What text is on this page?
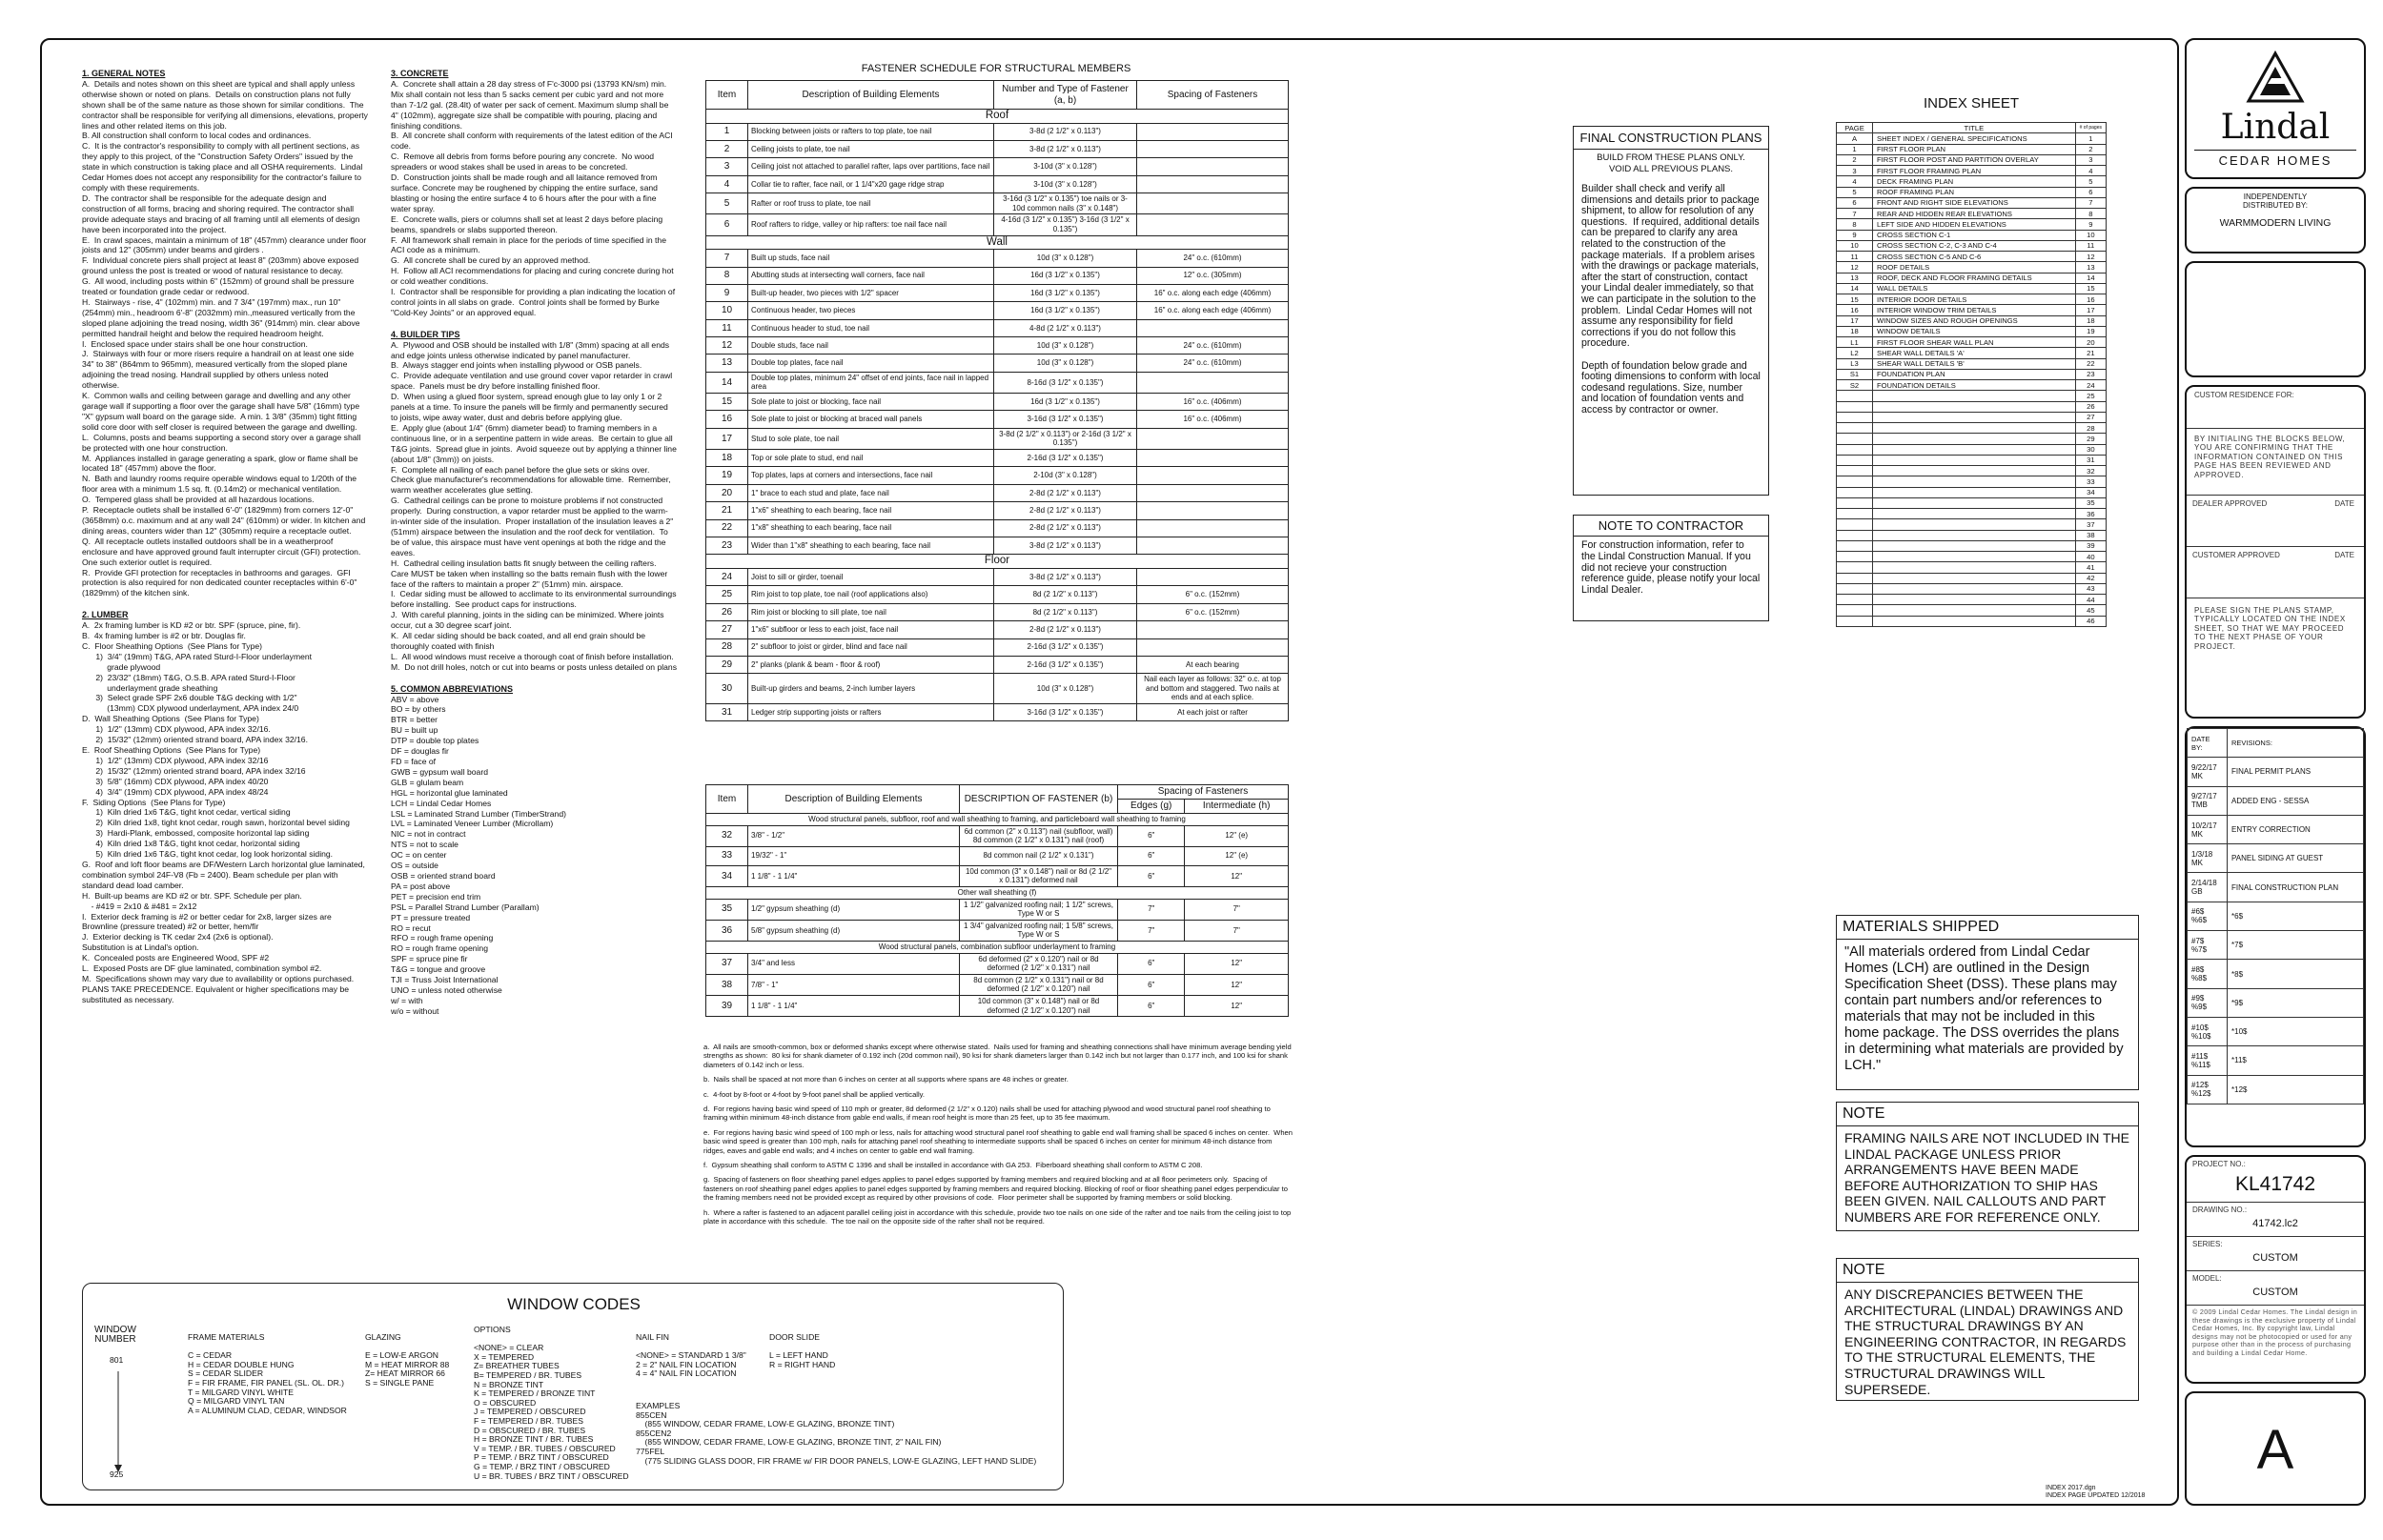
1. GENERAL NOTES

A.  Details and notes shown on this sheet are typical and shall apply unless otherwise shown or noted on plans.  Details on construction plans not fully shown shall be of the same nature as those shown for similar conditions.  The contractor shall be responsible for verifying all dimensions, elevations, property lines and other related items on this job.
B. All construction shall conform to local codes and ordinances.
C.  It is the contractor's responsibility to comply with all pertinent sections, as they apply to this project, of the "Construction Safety Orders" issued by the state in which construction is taking place and all OSHA requirements.  Lindal Cedar Homes does not accept any responsibility for the contractor's failure to comply with these requirements.
D.  The contractor shall be responsible for the adequate design and construction of all forms, bracing and shoring required. The contractor shall provide adequate stays and bracing of all framing until all elements of design have been incorporated into the project.
E.  In crawl spaces, maintain a minimum of 18" (457mm) clearance under floor joists and 12" (305mm) under beams and girders .
F.  Individual concrete piers shall project at least 8" (203mm) above exposed ground unless the post is treated or wood of natural resistance to decay.
G.  All wood, including posts within 6" (152mm) of ground shall be pressure treated or foundation grade cedar or redwood.
H.  Stairways - rise, 4" (102mm) min. and 7 3/4" (197mm) max., run 10" (254mm) min., headroom 6'-8" (2032mm) min.,measured vertically from the sloped plane adjoining the tread nosing, width 36" (914mm) min. clear above permitted handrail height and below the required headroom height.
I.  Enclosed space under stairs shall be one hour construction.
J.  Stairways with four or more risers require a handrail on at least one side 34" to 38" (864mm to 965mm), measured vertically from the sloped plane adjoining the tread nosing. Handrail supplied by others unless noted otherwise.
K.  Common walls and ceiling between garage and dwelling and any other garage wall if supporting a floor over the garage shall have 5/8" (16mm) type "X" gypsum wall board on the garage side.  A min. 1 3/8" (35mm) tight fitting solid core door with self closer is required between the garage and dwelling.
L.  Columns, posts and beams supporting a second story over a garage shall be protected with one hour construction.
M.  Appliances installed in garage generating a spark, glow or flame shall be located 18" (457mm) above the floor.
N.  Bath and laundry rooms require operable windows equal to 1/20th of the floor area with a minimum 1.5 sq. ft. (0.14m2) or mechanical ventilation.
O.  Tempered glass shall be provided at all hazardous locations.
P.  Receptacle outlets shall be installed 6'-0" (1829mm) from corners 12'-0" (3658mm) o.c. maximum and at any wall 24" (610mm) or wider. In kitchen and dining areas, counters wider than 12" (305mm) require a receptacle outlet.
Q.  All receptacle outlets installed outdoors shall be in a weatherproof enclosure and have approved ground fault interrupter circuit (GFI) protection. One such exterior outlet is required.
R.  Provide GFI protection for receptacles in bathrooms and garages.  GFI protection is also required for non dedicated counter receptacles within 6'-0" (1829mm) of the kitchen sink.

2. LUMBER

A.  2x framing lumber is KD #2 or btr. SPF (spruce, pine, fir).
B.  4x framing lumber is #2 or btr. Douglas fir.
C.  Floor Sheathing Options  (See Plans for Type)
1)  3/4" (19mm) T&G, APA rated Sturd-I-Floor underlayment
grade plywood
2)  23/32" (18mm) T&G, O.S.B. APA rated Sturd-I-Floor
underlayment grade sheathing
3)  Select grade SPF 2x6 double T&G decking with 1/2"
(13mm) CDX plywood underlayment, APA index 24/0
D.  Wall Sheathing Options  (See Plans for Type)
1)  1/2" (13mm) CDX plywood, APA index 32/16.
2)  15/32" (12mm) oriented strand board, APA index 32/16.
E.  Roof Sheathing Options  (See Plans for Type)
1)  1/2" (13mm) CDX plywood, APA index 32/16
2)  15/32" (12mm) oriented strand board, APA index 32/16
3)  5/8" (16mm) CDX plywood, APA index 40/20
4)  3/4" (19mm) CDX plywood, APA index 48/24
F.  Siding Options  (See Plans for Type)
1)  Kiln dried 1x6 T&G, tight knot cedar, vertical siding
2)  Kiln dried 1x8, tight knot cedar, rough sawn, horizontal bevel siding
3)  Hardi-Plank, embossed, composite horizontal lap siding
4)  Kiln dried 1x8 T&G, tight knot cedar, horizontal siding
5)  Kiln dried 1x6 T&G, tight knot cedar, log look horizontal siding.
G.  Roof and loft floor beams are DF/Western Larch horizontal glue laminated, combination symbol 24F-V8 (Fb = 2400). Beam schedule per plan with standard dead load camber.
H.  Built-up beams are KD #2 or btr. SPF. Schedule per plan.
- #419 = 2x10 & #481 = 2x12
I.  Exterior deck framing is #2 or better cedar for 2x8, larger sizes are Brownline (pressure treated) #2 or better, hem/fir
J.  Exterior decking is TK cedar 2x4 (2x6 is optional).
Substitution is at Lindal's option.
K.  Concealed posts are Engineered Wood, SPF #2
L.  Exposed Posts are DF glue laminated, combination symbol #2.
M.  Specifications shown may vary due to availability or options purchased. PLANS TAKE PRECEDENCE. Equivalent or higher specifications may be substituted as necessary.

3. CONCRETE

A.  Concrete shall attain a 28 day stress of F'c-3000 psi (13793 KN/sm) min. Mix shall contain not less than 5 sacks cement per cubic yard and not more than 7-1/2 gal. (28.4lt) of water per sack of cement. Maximum slump shall be 4" (102mm), aggregate size shall be compatible with pouring, placing and finishing conditions.
B.  All concrete shall conform with requirements of the latest edition of the ACI code.
C.  Remove all debris from forms before pouring any concrete.  No wood spreaders or wood stakes shall be used in areas to be concreted.
D.  Construction joints shall be made rough and all laitance removed from surface. Concrete may be roughened by chipping the entire surface, sand blasting or hosing the entire surface 4 to 6 hours after the pour with a fine water spray.
E.  Concrete walls, piers or columns shall set at least 2 days before placing beams, spandrels or slabs supported thereon.
F.  All framework shall remain in place for the periods of time specified in the ACI code as a minimum.
G.  All concrete shall be cured by an approved method.
H.  Follow all ACI recommendations for placing and curing concrete during hot or cold weather conditions.
I.  Contractor shall be responsible for providing a plan indicating the location of control joints in all slabs on grade.  Control joints shall be formed by Burke "Cold-Key Joints" or an approved equal.

4. BUILDER TIPS

A.  Plywood and OSB should be installed with 1/8" (3mm) spacing at all ends and edge joints unless otherwise indicated by panel manufacturer.
B.  Always stagger end joints when installing plywood or OSB panels.
C.  Provide adequate ventilation and use ground cover vapor retarder in crawl space.  Panels must be dry before installing finished floor.
D.  When using a glued floor system, spread enough glue to lay only 1 or 2 panels at a time. To insure the panels will be firmly and permanently secured to joists, wipe away water, dust and debris before applying glue.
E.  Apply glue (about 1/4" (6mm) diameter bead) to framing members in a continuous line, or in a serpentine pattern in wide areas.  Be certain to glue all T&G joints.  Spread glue in joints.  Avoid squeeze out by applying a thinner line (about 1/8" (3mm)) on joists.
F.  Complete all nailing of each panel before the glue sets or skins over.  Check glue manufacturer's recommendations for allowable time.  Remember, warm weather accelerates glue setting.
G.  Cathedral ceilings can be prone to moisture problems if not constructed properly.  During construction, a vapor retarder must be applied to the warm-in-winter side of the insulation.  Proper installation of the insulation leaves a 2" (51mm) airspace between the insulation and the roof deck for ventilation.  To be of value, this airspace must have vent openings at both the ridge and the eaves.
H.  Cathedral ceiling insulation batts fit snugly between the ceiling rafters.  Care MUST be taken when installing so the batts remain flush with the lower face of the rafters to maintain a proper 2" (51mm) min. airspace.
I.  Cedar siding must be allowed to acclimate to its environmental surroundings before installing.  See product caps for instructions.
J.  With careful planning, joints in the siding can be minimized. Where joints occur, cut a 30 degree scarf joint.
K.  All cedar siding should be back coated, and all end grain should be thoroughly coated with finish
L.  All wood windows must receive a thorough coat of finish before installation.
M.  Do not drill holes, notch or cut into beams or posts unless detailed on plans

5. COMMON ABBREVIATIONS

ABV = above
BO = by others
BTR = better
BU = built up
DTP = double top plates
DF = douglas fir
FD = face of
GWB = gypsum wall board
GLB = glulam beam
HGL = horizontal glue laminated
LCH = Lindal Cedar Homes
LSL = Laminated Strand Lumber (TimberStrand)
LVL = Laminated Veneer Lumber (Microllam)
NIC = not in contract
NTS = not to scale
OC = on center
OS = outside
OSB = oriented strand board
PA = post above
PET = precision end trim
PSL = Parallel Strand Lumber (Parallam)
PT = pressure treated
RO = recut
RFO = rough frame opening
RO = rough frame opening
SPF = spruce pine fir
T&G = tongue and groove
TJI = Truss Joist International
UNO = unless noted otherwise
w/ = with
w/o = without

FASTENER SCHEDULE FOR STRUCTURAL MEMBERS
Item	Description of Building Elements	Number and Type of Fastener (a, b)	Spacing of Fasteners
Roof			
1	Blocking between joists or rafters to top plate, toe nail	3-8d (2 1/2" x 0.113")	
2	Ceiling joists to plate, toe nail	3-8d (2 1/2" x 0.113")	
3	Ceiling joist not attached to parallel rafter, laps over partitions, face nail	3-10d (3" x 0.128")	
4	Collar tie to rafter, face nail, or 1 1/4"x20 gage ridge strap	3-10d (3" x 0.128")	
5	Rafter or roof truss to plate, toe nail	3-16d (3 1/2" x 0.135") toe nails or 3-10d common nails (3" x 0.148")	
6	Roof rafters to ridge, valley or hip rafters: toe nail face nail	4-16d (3 1/2" x 0.135") 3-16d (3 1/2" x 0.135")	
Wall			
7	Built up studs, face nail	10d (3" x 0.128")	24" o.c. (610mm)
8	Abutting studs at intersecting wall corners, face nail	16d (3 1/2" x 0.135")	12" o.c. (305mm)
9	Built-up header, two pieces with 1/2" spacer	16d (3 1/2" x 0.135")	16" o.c. along each edge (406mm)
10	Continuous header, two pieces	16d (3 1/2" x 0.135")	16" o.c. along each edge (406mm)
11	Continuous header to stud, toe nail	4-8d (2 1/2" x 0.113")	
12	Double studs, face nail	10d (3" x 0.128")	24" o.c. (610mm)
13	Double top plates, face nail	10d (3" x 0.128")	24" o.c. (610mm)
14	Double top plates, minimum 24" offset of end joints, face nail in lapped area	8-16d (3 1/2" x 0.135")	
15	Sole plate to joist or blocking, face nail	16d (3 1/2" x 0.135")	16" o.c. (406mm)
16	Sole plate to joist or blocking at braced wall panels	3-16d (3 1/2" x 0.135")	16" o.c. (406mm)
17	Stud to sole plate, toe nail	3-8d (2 1/2" x 0.113") or 2-16d (3 1/2" x 0.135")	
18	Top or sole plate to stud, end nail	2-16d (3 1/2" x 0.135")	
19	Top plates, laps at corners and intersections, face nail	2-10d (3" x 0.128")	
20	1" brace to each stud and plate, face nail	2-8d (2 1/2" x 0.113")	
21	1"x6" sheathing to each bearing, face nail	2-8d (2 1/2" x 0.113")	
22	1"x8" sheathing to each bearing, face nail	2-8d (2 1/2" x 0.113")	
23	Wider than 1"x8" sheathing to each bearing, face nail	3-8d (2 1/2" x 0.113")	
Floor			
24	Joist to sill or girder, toenail	3-8d (2 1/2" x 0.113")	
25	Rim joist to top plate, toe nail (roof applications also)	8d (2 1/2" x 0.113")	6" o.c. (152mm)
26	Rim joist or blocking to sill plate, toe nail	8d (2 1/2" x 0.113")	6" o.c. (152mm)
27	1"x6" subfloor or less to each joist, face nail	2-8d (2 1/2" x 0.113")	
28	2" subfloor to joist or girder, blind and face nail	2-16d (3 1/2" x 0.135")	
29	2" planks (plank & beam - floor & roof)	2-16d (3 1/2" x 0.135")	At each bearing
30	Built-up girders and beams, 2-inch lumber layers	10d (3" x 0.128")	Nail each layer as follows: 32" o.c. at top and bottom and staggered. Two nails at ends and at each splice.
31	Ledger strip supporting joists or rafters	3-16d (3 1/2" x 0.135")	At each joist or rafter
Item	Description of Building Elements	DESCRIPTION OF FASTENER (b)	Spacing of Fasteners	
			Edges (g)	Intermediate (h)
Wood structural panels, subfloor, roof and wall sheathing to framing, and particleboard wall sheathing to framing				
32	3/8" - 1/2"	6d common (2" x 0.113") nail (subfloor, wall) 8d common (2 1/2" x 0.131") nail (roof)	6"	12" (e)
33	19/32" - 1"	8d common nail (2 1/2" x 0.131")	6"	12" (e)
34	1 1/8" - 1 1/4"	10d common (3" x 0.148") nail or 8d (2 1/2" x 0.131") deformed nail	6"	12"
Other wall sheathing (f)				
35	1/2" gypsum sheathing (d)	1 1/2" galvanized roofing nail; 1 1/2" screws, Type W or S	7"	7"
36	5/8" gypsum sheathing (d)	1 3/4" galvanized roofing nail; 1 5/8" screws, Type W or S	7"	7"
Wood structural panels, combination subfloor underlayment to framing				
37	3/4" and less	6d deformed (2" x 0.120") nail or 8d deformed (2 1/2" x 0.131") nail	6"	12"
38	7/8" - 1"	8d common (2 1/2" x 0.131") nail or 8d deformed (2 1/2" x 0.120") nail	6"	12"
39	1 1/8" - 1 1/4"	10d common (3" x 0.148") nail or 8d deformed (2 1/2" x 0.120") nail	6"	12"

a.  All nails are smooth-common, box or deformed shanks except where otherwise stated.  Nails used for framing and sheathing connections shall have minimum average bending yield strengths as shown:  80 ksi for shank diameter of 0.192 inch (20d common nail), 90 ksi for shank diameters larger than 0.142 inch but not larger than 0.177 inch, and 100 ksi for shank diameters of 0.142 inch or less.

b.  Nails shall be spaced at not more than 6 inches on center at all supports where spans are 48 inches or greater.

c.  4-foot by 8-foot or 4-foot by 9-foot panel shall be applied vertically.

d.  For regions having basic wind speed of 110 mph or greater, 8d deformed (2 1/2" x 0.120) nails shall be used for attaching plywood and wood structural panel roof sheathing to framing within minimum 48-inch distance from gable end walls, if mean roof height is more than 25 feet, up to 35 fee maximum.

e.  For regions having basic wind speed of 100 mph or less, nails for attaching wood structural panel roof sheathing to gable end wall framing shall be spaced 6 inches on center.  When basic wind speed is greater than 100 mph, nails for attaching panel roof sheathing to intermediate supports shall be spaced 6 inches on center for minimum 48-inch distance from ridges, eaves and gable end walls; and 4 inches on center to gable end wall framing.

f.  Gypsum sheathing shall conform to ASTM C 1396 and shall be installed in accordance with GA 253.  Fiberboard sheathing shall conform to ASTM C 208.

g.  Spacing of fasteners on floor sheathing panel edges applies to panel edges supported by framing members and required blocking and at all floor perimeters only.  Spacing of fasteners on roof sheathing panel edges applies to panel edges supported by framing members and required blocking. Blocking of roof or floor sheathing panel edges perpendicular to the framing members need not be provided except as required by other provisions of code.  Floor perimeter shall be supported by framing members or solid blocking.

h.  Where a rafter is fastened to an adjacent parallel ceiling joist in accordance with this schedule, provide two toe nails on one side of the rafter and toe nails from the ceiling joist to top plate in accordance with this schedule.  The toe nail on the opposite side of the rafter shall not be required.

WINDOW CODES
WINDOW
NUMBER
801
925
FRAME MATERIALS

C = CEDAR
H = CEDAR DOUBLE HUNG
S = CEDAR SLIDER
F = FIR FRAME, FIR PANEL (SL. OL. DR.)
T = MILGARD VINYL WHITE
Q = MILGARD VINYL TAN
A = ALUMINUM CLAD, CEDAR, WINDSOR
GLAZING

E = LOW-E ARGON
M = HEAT MIRROR 88
Z= HEAT MIRROR 66
S = SINGLE PANE
OPTIONS

<NONE> = CLEAR
X = TEMPERED
Z= BREATHER TUBES
B= TEMPERED / BR. TUBES
N = BRONZE TINT
K = TEMPERED / BRONZE TINT
O = OBSCURED
J = TEMPERED / OBSCURED
F = TEMPERED / BR. TUBES
D = OBSCURED / BR. TUBES
H = BRONZE TINT / BR. TUBES
V = TEMP. / BR. TUBES / OBSCURED
P = TEMP. / BRZ TINT / OBSCURED
G = TEMP. / BRZ TINT / OBSCURED
U = BR. TUBES / BRZ TINT / OBSCURED
NAIL FIN

<NONE> = STANDARD 1 3/8"
2 = 2" NAIL FIN LOCATION
4 = 4" NAIL FIN LOCATION
DOOR SLIDE

L = LEFT HAND
R = RIGHT HAND
EXAMPLES
855CEN
(855 WINDOW, CEDAR FRAME, LOW-E GLAZING, BRONZE TINT)
855CEN2
(855 WINDOW, CEDAR FRAME, LOW-E GLAZING, BRONZE TINT, 2" NAIL FIN)
775FEL
(775 SLIDING GLASS DOOR, FIR FRAME w/ FIR DOOR PANELS, LOW-E GLAZING, LEFT HAND SLIDE)
FINAL CONSTRUCTION PLANS
BUILD FROM THESE PLANS ONLY.
VOID ALL PREVIOUS PLANS.
Builder shall check and verify all dimensions and details prior to package shipment, to allow for resolution of any questions.  If required, additional details can be prepared to clarify any area related to the construction of the package materials.  If a problem arises with the drawings or package materials, after the start of construction, contact your Lindal dealer immediately, so that we can participate in the solution to the problem.  Lindal Cedar Homes will not assume any responsibility for field corrections if you do not follow this procedure.

Depth of foundation below grade and footing dimensions to conform with local codesand regulations. Size, number and location of foundation vents and access by contractor or owner.
NOTE TO CONTRACTOR
For construction information, refer to the Lindal Construction Manual. If you did not recieve your construction reference guide, please notify your local Lindal Dealer.
INDEX SHEET
PAGE	TITLE	# of pages
A	SHEET INDEX / GENERAL SPECIFICATIONS	1
1	FIRST FLOOR PLAN	2
2	FIRST FLOOR POST AND PARTITION OVERLAY	3
3	FIRST FLOOR FRAMING PLAN	4
4	DECK FRAMING PLAN	5
5	ROOF FRAMING PLAN	6
6	FRONT AND RIGHT SIDE ELEVATIONS	7
7	REAR AND HIDDEN REAR ELEVATIONS	8
8	LEFT SIDE AND HIDDEN ELEVATIONS	9
9	CROSS SECTION C-1	10
10	CROSS SECTION C-2, C-3 AND C-4	11
11	CROSS SECTION C-5 AND C-6	12
12	ROOF DETAILS	13
13	ROOF, DECK AND FLOOR FRAMING DETAILS	14
14	WALL DETAILS	15
15	INTERIOR DOOR DETAILS	16
16	INTERIOR WINDOW TRIM DETAILS	17
17	WINDOW SIZES AND ROUGH OPENINGS	18
18	WINDOW DETAILS	19
L1	FIRST FLOOR SHEAR WALL PLAN	20
L2	SHEAR WALL DETAILS 'A'	21
L3	SHEAR WALL DETAILS 'B'	22
S1	FOUNDATION PLAN	23
S2	FOUNDATION DETAILS	24
		25
		26
		27
		28
		29
		30
		31
		32
		33
		34
		35
		36
		37
		38
		39
		40
		41
		42
		43
		44
		45
		46
MATERIALS SHIPPED
"All materials ordered from Lindal Cedar Homes (LCH) are outlined in the Design Specification Sheet (DSS). These plans may contain part numbers and/or references to materials that may not be included in this home package. The DSS overrides the plans in determining what materials are provided by LCH."
NOTE
FRAMING NAILS ARE NOT INCLUDED IN THE LINDAL PACKAGE UNLESS PRIOR ARRANGEMENTS HAVE BEEN MADE BEFORE AUTHORIZATION TO SHIP HAS BEEN GIVEN. NAIL CALLOUTS AND PART NUMBERS ARE FOR REFERENCE ONLY.
NOTE
ANY DISCREPANCIES BETWEEN THE ARCHITECTURAL (LINDAL) DRAWINGS AND THE STRUCTURAL DRAWINGS BY AN ENGINEERING CONTRACTOR, IN REGARDS TO THE STRUCTURAL ELEMENTS, THE STRUCTURAL DRAWINGS WILL SUPERSEDE.
INDEX 2017.dgn
INDEX PAGE UPDATED 12/2018
Lindal
CEDAR HOMES
INDEPENDENTLY
DISTRIBUTED BY:
WARMMODERN LIVING
CUSTOM RESIDENCE FOR:
BY INITIALING THE BLOCKS BELOW, YOU ARE CONFIRMING THAT THE INFORMATION CONTAINED ON THIS PAGE HAS BEEN REVIEWED AND APPROVED.
DEALER APPROVED	DATE
CUSTOMER APPROVED	DATE
PLEASE SIGN THE PLANS STAMP, TYPICALLY LOCATED ON THE INDEX SHEET, SO THAT WE MAY PROCEED TO THE NEXT PHASE OF YOUR PROJECT.
DATE
BY:	REVISIONS:
9/22/17
MK	FINAL PERMIT PLANS
9/27/17
TMB	ADDED ENG - SESSA
10/2/17
MK	ENTRY CORRECTION
1/3/18
MK	PANEL SIDING AT GUEST
2/14/18
GB	FINAL CONSTRUCTION PLAN
#6$
%6$	*6$
#7$
%7$	*7$
#8$
%8$	*8$
#9$
%9$	*9$
#10$
%10$	*10$
#11$
%11$	*11$
#12$
%12$	*12$
PROJECT NO.:
KL41742
DRAWING NO.:
41742.lc2
SERIES:
CUSTOM
MODEL:
CUSTOM
© 2009 Lindal Cedar Homes. The Lindal design in these drawings is the exclusive property of Lindal Cedar Homes, Inc. By copyright law, Lindal designs may not be photocopied or used for any purpose other than in the process of purchasing and building a Lindal Cedar Home.
A
